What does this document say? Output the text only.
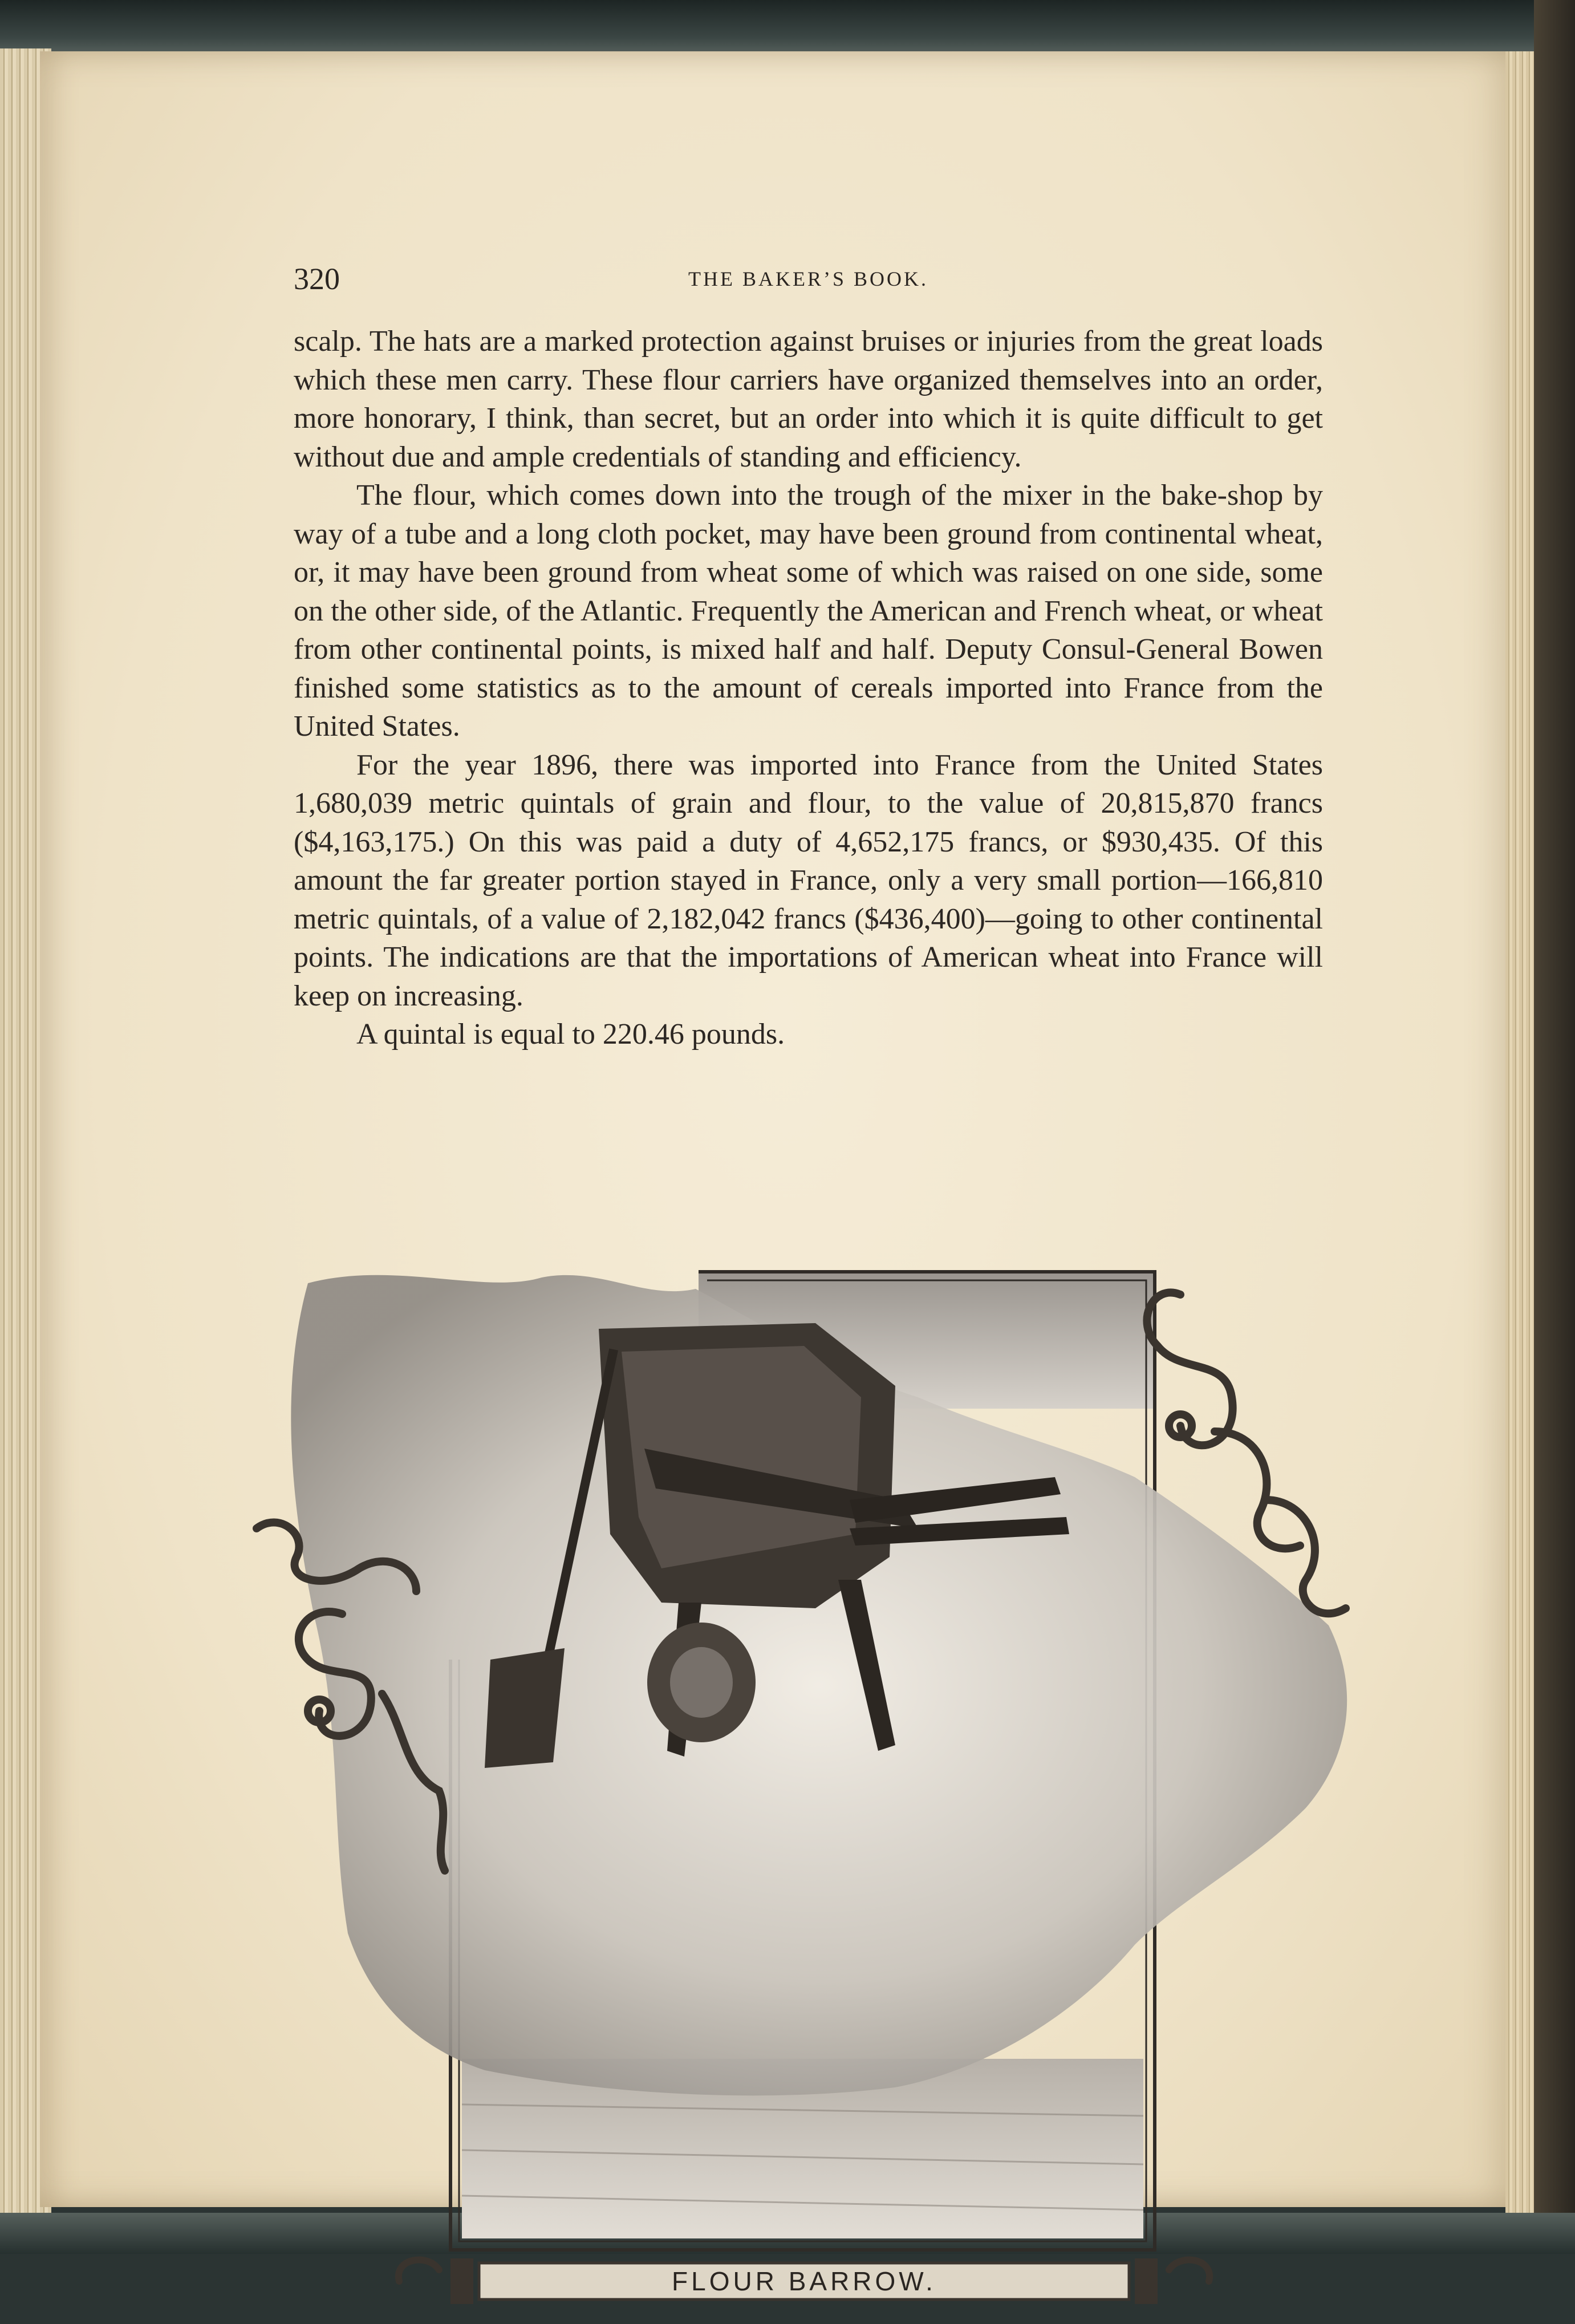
320	THE BAKER’S BOOK.

scalp. The hats are a marked protection against bruises or injuries from the great loads which these men carry. These flour carriers have organized themselves into an order, more honorary, I think, than secret, but an order into which it is quite difficult to get without due and ample credentials of standing and efficiency.

The flour, which comes down into the trough of the mixer in the bake-shop by way of a tube and a long cloth pocket, may have been ground from continental wheat, or, it may have been ground from wheat some of which was raised on one side, some on the other side, of the Atlantic. Frequently the American and French wheat, or wheat from other continental points, is mixed half and half. Deputy Consul-General Bowen finished some statistics as to the amount of cereals imported into France from the United States.

For the year 1896, there was imported into France from the United States 1,680,039 metric quintals of grain and flour, to the value of 20,815,870 francs ($4,163,175.) On this was paid a duty of 4,652,175 francs, or $930,435. Of this amount the far greater portion stayed in France, only a very small portion—166,810 metric quintals, of a value of 2,182,042 francs ($436,400)—going to other continental points. The indications are that the importations of American wheat into France will keep on increasing.

A quintal is equal to 220.46 pounds.

FLOUR BARROW.
